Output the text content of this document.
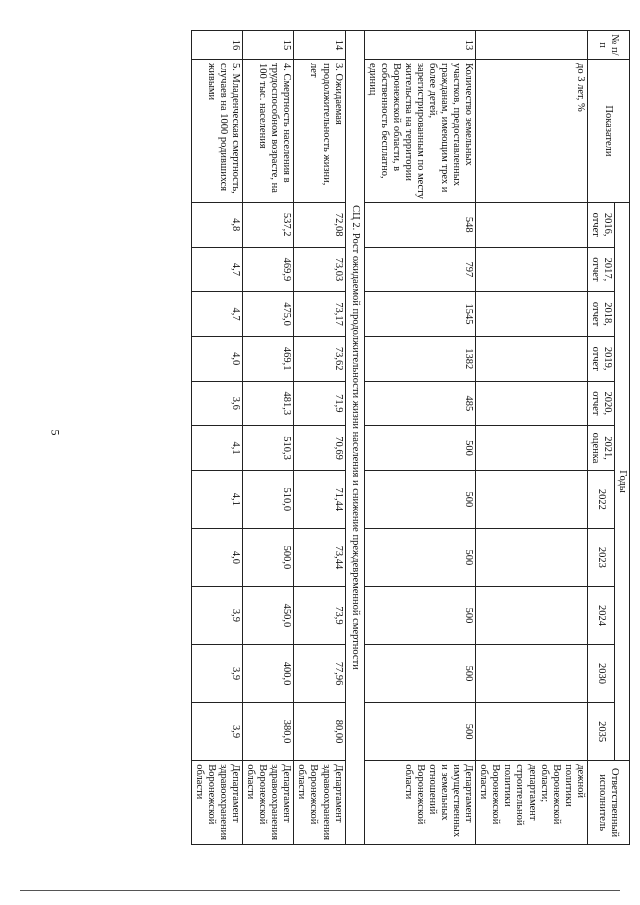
5
№ п/п	Показатели	Годы											Ответственный исполнитель
		2016, отчет	2017, отчет	2018, отчет	2019, отчет	2020, отчет	2021, оценка	2022	2023	2024	2030	2035	
	до 3 лет, %												дежной политики Воронежской области; департамент строительной политики Воронежской области
13	Количество земельных участков, предоставленных гражданам, имеющим трех и более детей, зарегистрированным по месту жительства на территории Воронежской области, в собственность бесплатно, единиц	548	797	1545	1382	485	500	500	500	500	500	500	Департамент имущественных и земельных отношений Воронежской области
СЦ 2. Рост ожидаемой продолжительности жизни населения и снижение преждевременной смертности													
14	3. Ожидаемая продолжительность жизни, лет	72,08	73,03	73,17	73,62	71,9	70,69	71,44	73,44	73,9	77,96	80,00	Департамент здравоохранения Воронежской области
15	4. Смертность населения в трудоспособном возрасте, на 100 тыс. населения	537,2	469,9	475,0	469,1	481,3	510,3	510,0	500,0	450,0	400,0	380,0	Департамент здравоохранения Воронежской области
16	5. Младенческая смертность, случаев на 1000 родившихся живыми	4,8	4,7	4,7	4,0	3,6	4,1	4,1	4,0	3,9	3,9	3,9	Департамент здравоохранения Воронежской области
